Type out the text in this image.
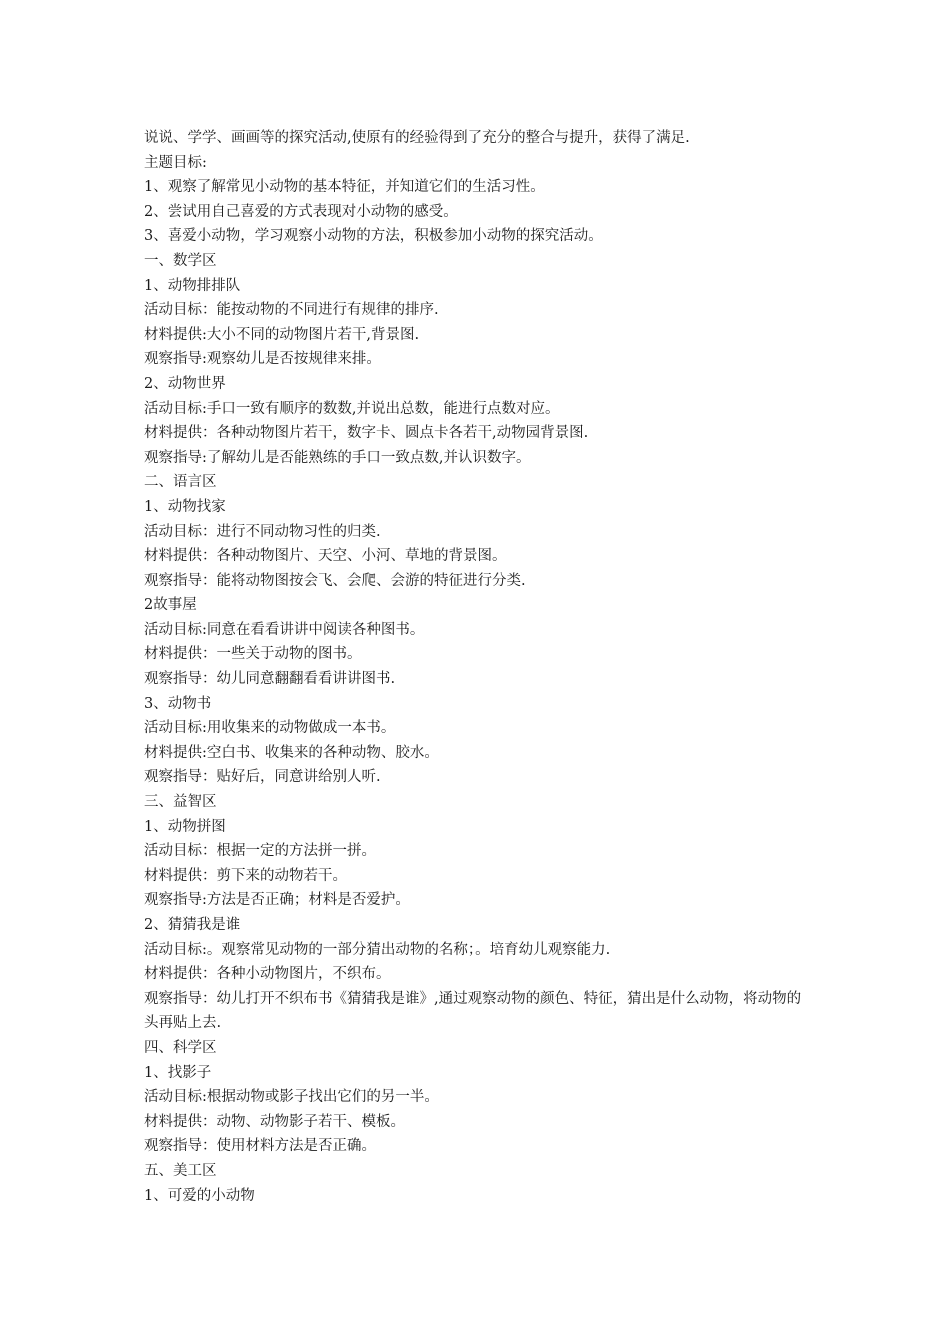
说说、学学、画画等的探究活动,使原有的经验得到了充分的整合与提升，获得了满足.

主题目标:

1、观察了解常见小动物的基本特征，并知道它们的生活习性。

2、尝试用自己喜爱的方式表现对小动物的感受。

3、喜爱小动物，学习观察小动物的方法，积极参加小动物的探究活动。

一、数学区

1、动物排排队

活动目标：能按动物的不同进行有规律的排序.

材料提供:大小不同的动物图片若干,背景图.

观察指导:观察幼儿是否按规律来排。

2、动物世界

活动目标:手口一致有顺序的数数,并说出总数，能进行点数对应。

材料提供：各种动物图片若干，数字卡、圆点卡各若干,动物园背景图.

观察指导:了解幼儿是否能熟练的手口一致点数,并认识数字。

二、语言区

1、动物找家

活动目标：进行不同动物习性的归类.

材料提供：各种动物图片、天空、小河、草地的背景图。

观察指导：能将动物图按会飞、会爬、会游的特征进行分类.

2故事屋

活动目标:同意在看看讲讲中阅读各种图书。

材料提供：一些关于动物的图书。

观察指导：幼儿同意翻翻看看讲讲图书.

3、动物书

活动目标:用收集来的动物做成一本书。

材料提供:空白书、收集来的各种动物、胶水。

观察指导：贴好后，同意讲给别人听.

三、益智区

1、动物拼图

活动目标：根据一定的方法拼一拼。

材料提供：剪下来的动物若干。

观察指导:方法是否正确；材料是否爱护。

2、猜猜我是谁

活动目标:。观察常见动物的一部分猜出动物的名称；。培育幼儿观察能力.

材料提供：各种小动物图片，不织布。

观察指导：幼儿打开不织布书《猜猜我是谁》,通过观察动物的颜色、特征，猜出是什么动物，将动物的头再贴上去.

四、科学区

1、找影子

活动目标:根据动物或影子找出它们的另一半。

材料提供：动物、动物影子若干、模板。

观察指导：使用材料方法是否正确。

五、美工区

1、可爱的小动物
